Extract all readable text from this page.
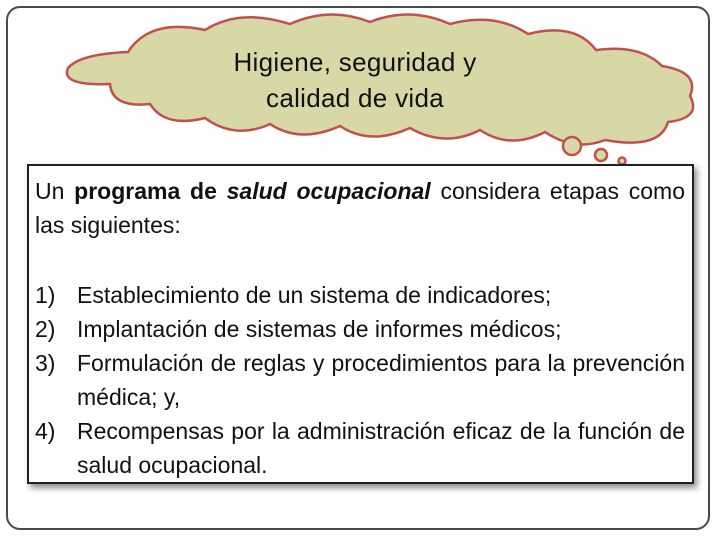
Higiene, seguridad y
calidad de vida

Un programa de salud ocupacional considera etapas como las siguientes:

1) Establecimiento de un sistema de indicadores;
2) Implantación de sistemas de informes médicos;
3) Formulación de reglas y procedimientos para la prevención médica; y,
4) Recompensas por la administración eficaz de la función de salud ocupacional.
